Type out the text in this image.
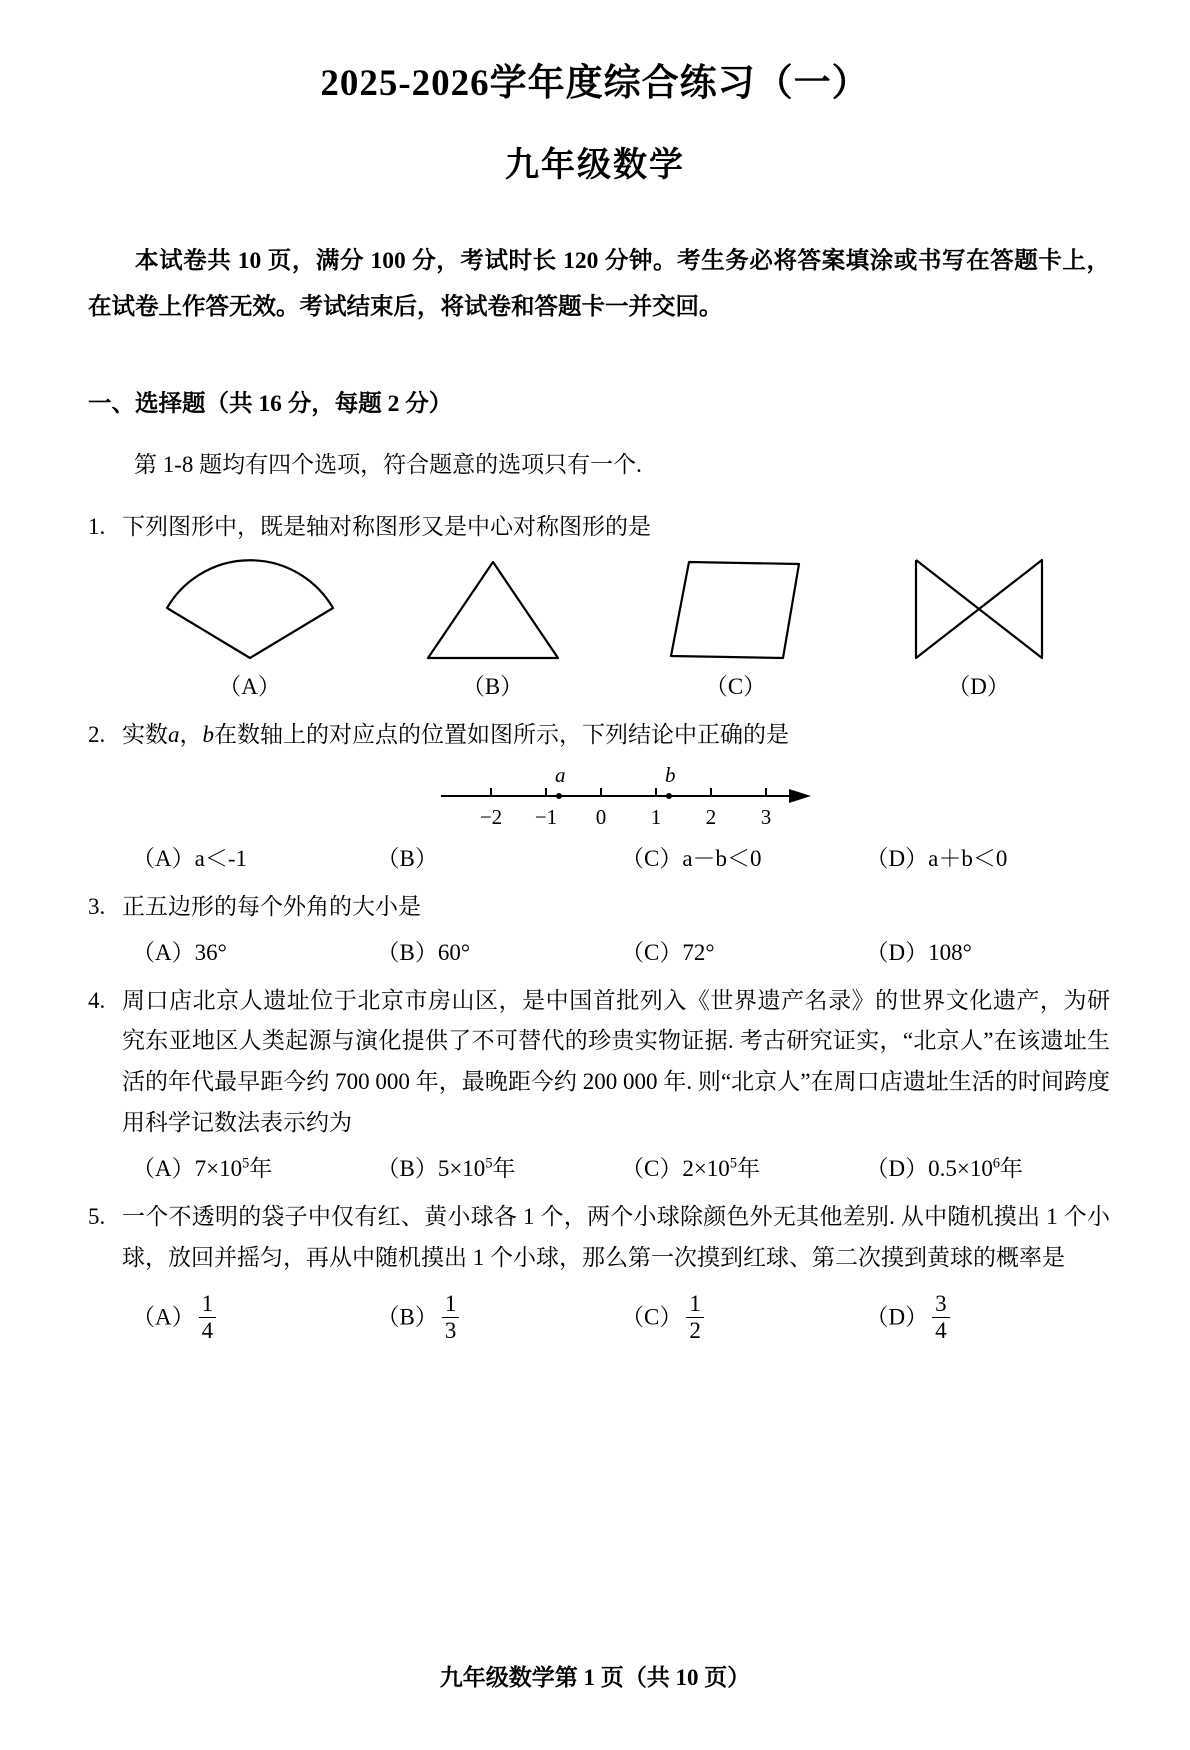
2025-2026学年度综合练习（一）
九年级数学

本试卷共 10 页，满分 100 分，考试时长 120 分钟。考生务必将答案填涂或书写在答题卡上，在试卷上作答无效。考试结束后，将试卷和答题卡一并交回。

一、选择题（共 16 分，每题 2 分）

第 1-8 题均有四个选项，符合题意的选项只有一个.

1. 下列图形中，既是轴对称图形又是中心对称图形的是
（A）	（B）	（C）	（D）
2. 实数a，b在数轴上的对应点的位置如图所示，下列结论中正确的是
a	b
−2 −1 0 1 2 3
（A）a＜-1	（B）	（C）a－b＜0	（D）a＋b＜0
3. 正五边形的每个外角的大小是
（A）36°	（B）60°	（C）72°	（D）108°
4. 周口店北京人遗址位于北京市房山区，是中国首批列入《世界遗产名录》的世界文化遗产，为研究东亚地区人类起源与演化提供了不可替代的珍贵实物证据. 考古研究证实，“北京人”在该遗址生活的年代最早距今约 700 000 年，最晚距今约 200 000 年. 则“北京人”在周口店遗址生活的时间跨度用科学记数法表示约为
$(A)7\times 10^5$年	$(B)5\times 10^5$年	$(C)2\times 10^5$年	$(D)0.5\times 10^6$年
5. 一个不透明的袋子中仅有红、黄小球各 1 个，两个小球除颜色外无其他差别. 从中随机摸出 1 个小球，放回并摇匀，再从中随机摸出 1 个小球，那么第一次摸到红球、第二次摸到黄球的概率是
$(A) \frac{1}{4}$	$(B) \frac{1}{3}$	$(C) \frac{1}{2}$	$(D) \frac{3}{4}$
九年级数学第 1 页（共 10 页）
